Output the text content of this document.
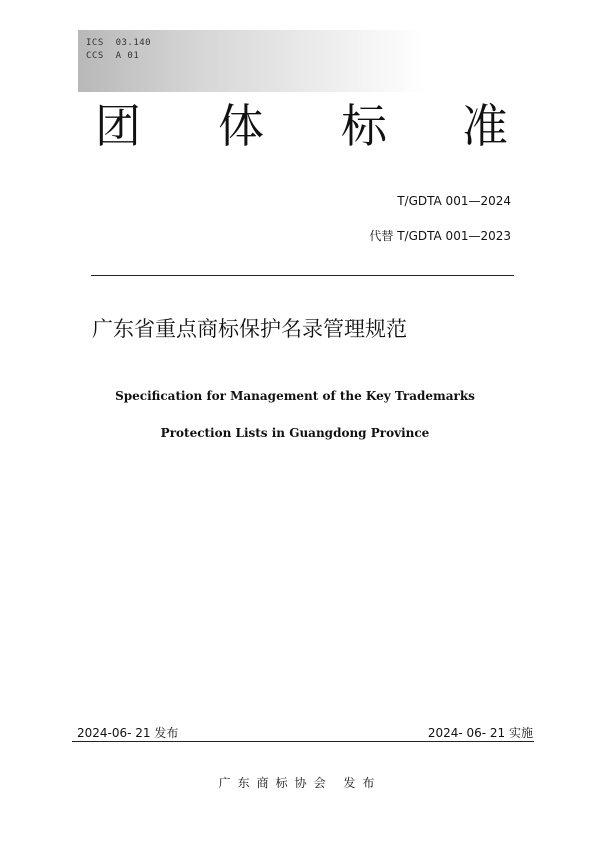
ICS  03.140
CCS  A 01
团 体 标 准
T/GDTA 001—2024
代替 T/GDTA 001—2023
广东省重点商标保护名录管理规范
Specification for Management of the Key Trademarks
Protection Lists in Guangdong Province
2024-06- 21 发布	2024- 06- 21 实施
广东商标协会 发布
